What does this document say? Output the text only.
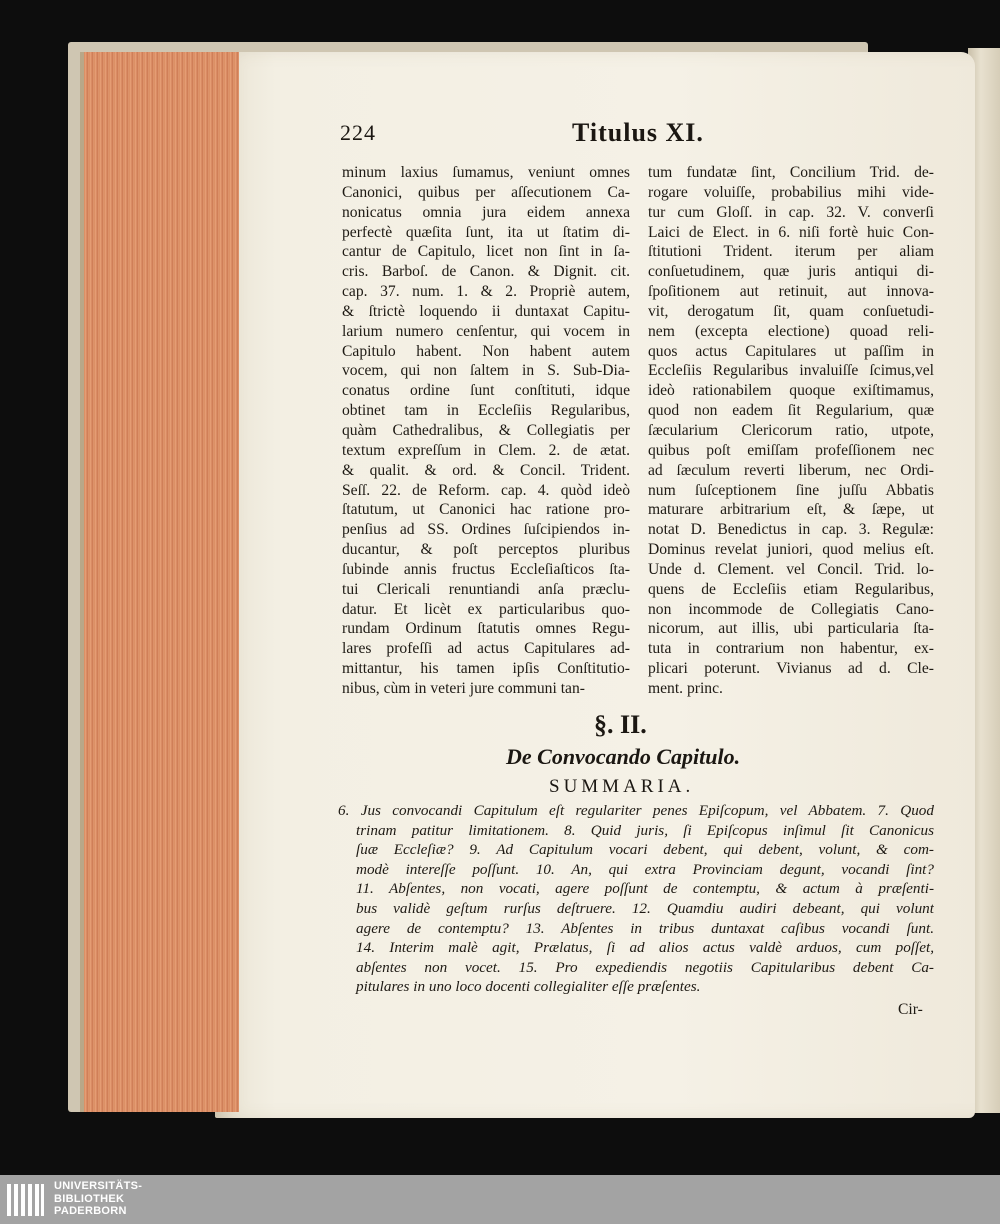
224	Titulus XI.
minum laxius ſumamus, veniunt omnes
Canonici, quibus per aſſecutionem Ca-
nonicatus omnia jura eidem annexa
perfectè quæſita ſunt, ita ut ſtatim di-
cantur de Capitulo, licet non ſint in ſa-
cris. Barboſ. de Canon. & Dignit. cit.
cap. 37. num. 1. & 2. Propriè autem,
& ſtrictè loquendo ii duntaxat Capitu-
larium numero cenſentur, qui vocem in
Capitulo habent. Non habent autem
vocem, qui non ſaltem in S. Sub-Dia-
conatus ordine ſunt conſtituti, idque
obtinet tam in Eccleſiis Regularibus,
quàm Cathedralibus, & Collegiatis per
textum expreſſum in Clem. 2. de ætat.
& qualit. & ord. & Concil. Trident.
Seſſ. 22. de Reform. cap. 4. quòd ideò
ſtatutum, ut Canonici hac ratione pro-
penſius ad SS. Ordines ſuſcipiendos in-
ducantur, & poſt perceptos pluribus
ſubinde annis fructus Eccleſiaſticos ſta-
tui Clericali renuntiandi anſa præclu-
datur. Et licèt ex particularibus quo-
rundam Ordinum ſtatutis omnes Regu-
lares profeſſi ad actus Capitulares ad-
mittantur, his tamen ipſis Conſtitutio-
nibus, cùm in veteri jure communi tan-
tum fundatæ ſint, Concilium Trid. de-
rogare voluiſſe, probabilius mihi vide-
tur cum Gloſſ. in cap. 32. V. converſi
Laici de Elect. in 6. niſi fortè huic Con-
ſtitutioni Trident. iterum per aliam
conſuetudinem, quæ juris antiqui di-
ſpoſitionem aut retinuit, aut innova-
vit, derogatum ſit, quam conſuetudi-
nem (excepta electione) quoad reli-
quos actus Capitulares ut paſſim in
Eccleſiis Regularibus invaluiſſe ſcimus,vel
ideò rationabilem quoque exiſtimamus,
quod non eadem ſit Regularium, quæ
ſæcularium Clericorum ratio, utpote,
quibus poſt emiſſam profeſſionem nec
ad ſæculum reverti liberum, nec Ordi-
num ſuſceptionem ſine juſſu Abbatis
maturare arbitrarium eſt, & ſæpe, ut
notat D. Benedictus in cap. 3. Regulæ:
Dominus revelat juniori, quod melius eſt.
Unde d. Clement. vel Concil. Trid. lo-
quens de Eccleſiis etiam Regularibus,
non incommode de Collegiatis Cano-
nicorum, aut illis, ubi particularia ſta-
tuta in contrarium non habentur, ex-
plicari poterunt. Vivianus ad d. Cle-
ment. princ.
§. II.
De Convocando Capitulo.
SUMMARIA.
6. Jus convocandi Capitulum eſt regulariter penes Epiſcopum, vel Abbatem. 7. Quod
trinam patitur limitationem. 8. Quid juris, ſi Epiſcopus inſimul ſit Canonicus
ſuæ Eccleſiæ? 9. Ad Capitulum vocari debent, qui debent, volunt, & com-
modè intereſſe poſſunt. 10. An, qui extra Provinciam degunt, vocandi ſint?
11. Abſentes, non vocati, agere poſſunt de contemptu, & actum à præſenti-
bus validè geſtum rurſus deſtruere. 12. Quamdiu audiri debeant, qui volunt
agere de contemptu? 13. Abſentes in tribus duntaxat caſibus vocandi ſunt.
14. Interim malè agit, Prælatus, ſi ad alios actus valdè arduos, cum poſſet,
abſentes non vocet. 15. Pro expediendis negotiis Capitularibus debent Ca-
pitulares in uno loco docenti collegialiter eſſe præſentes.
Cir-
UNIVERSITÄTS-
BIBLIOTHEK
PADERBORN
